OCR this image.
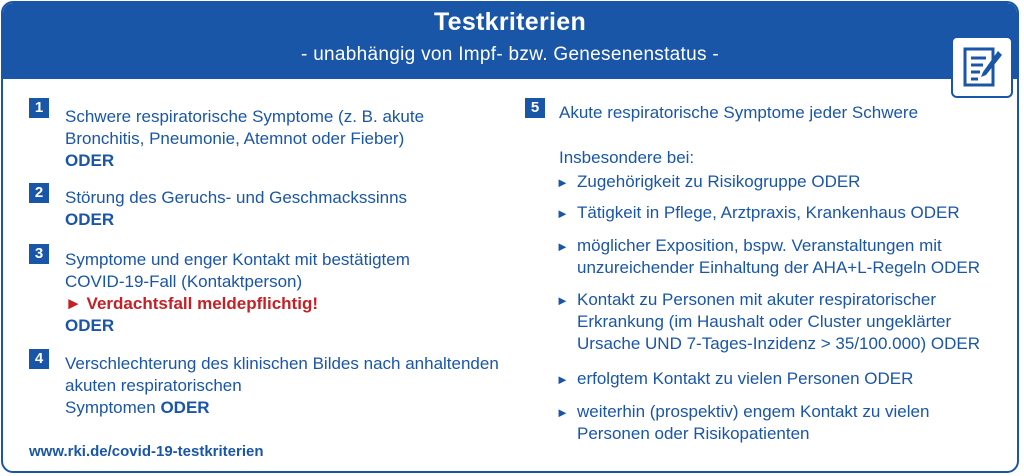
Testkriterien
- unabhängig von Impf- bzw. Genesenenstatus -
1	Schwere respiratorische Symptome (z. B. akute
Bronchitis, Pneumonie, Atemnot oder Fieber)
ODER
2	Störung des Geruchs- und Geschmackssinns
ODER
3	Symptome und enger Kontakt mit bestätigtem
COVID-19-Fall (Kontaktperson)
► Verdachtsfall meldepflichtig!
ODER
4	Verschlechterung des klinischen Bildes nach anhaltenden
akuten respiratorischen
Symptomen ODER
5	Akute respiratorische Symptome jeder Schwere
Insbesondere bei:
► Zugehörigkeit zu Risikogruppe ODER
► Tätigkeit in Pflege, Arztpraxis, Krankenhaus ODER
► möglicher Exposition, bspw. Veranstaltungen mit
unzureichender Einhaltung der AHA+L-Regeln ODER
► Kontakt zu Personen mit akuter respiratorischer
Erkrankung (im Haushalt oder Cluster ungeklärter
Ursache UND 7-Tages-Inzidenz > 35/100.000) ODER
► erfolgtem Kontakt zu vielen Personen ODER
► weiterhin (prospektiv) engem Kontakt zu vielen
Personen oder Risikopatienten
www.rki.de/covid-19-testkriterien
